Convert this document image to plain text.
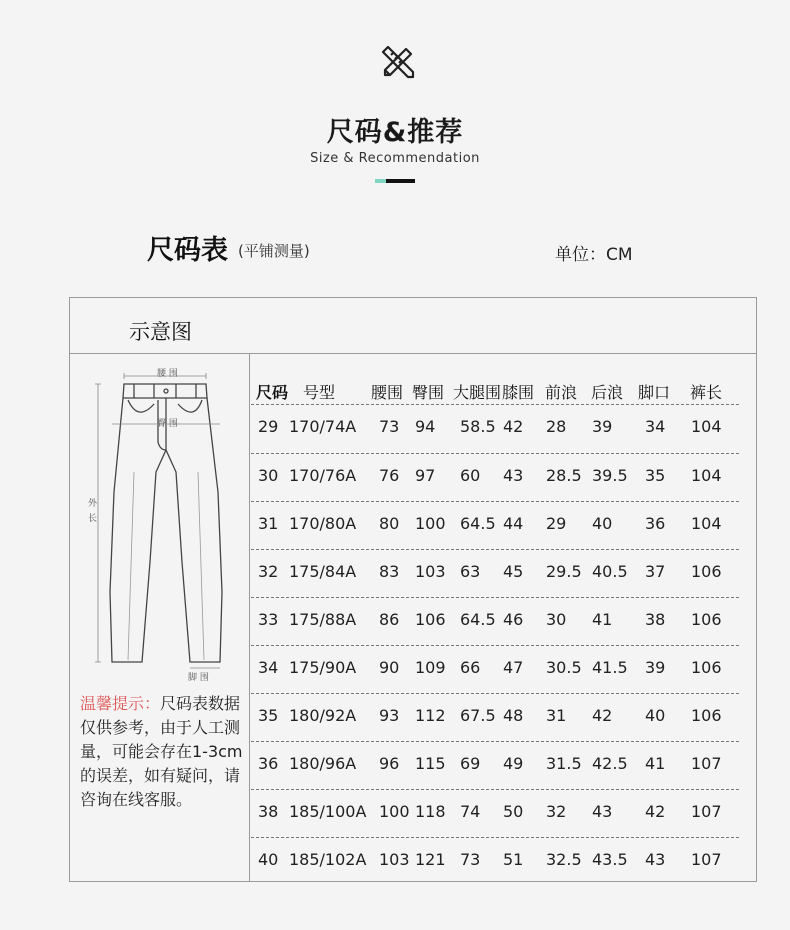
尺码&推荐
Size & Recommendation
尺码表 (平铺测量)	单位：CM
示意图
腰 围
臀 围
外
长
脚 围
温馨提示：尺码表数据仅供参考，由于人工测量，可能会存在1-3cm的误差，如有疑问，请咨询在线客服。
尺码 号型 腰围 臀围 大腿围 膝围 前浪 后浪 脚口 裤长
29 170/74A 73 94 58.5 42 28 39 34 104
30 170/76A 76 97 60 43 28.5 39.5 35 104
31 170/80A 80 100 64.5 44 29 40 36 104
32 175/84A 83 103 63 45 29.5 40.5 37 106
33 175/88A 86 106 64.5 46 30 41 38 106
34 175/90A 90 109 66 47 30.5 41.5 39 106
35 180/92A 93 112 67.5 48 31 42 40 106
36 180/96A 96 115 69 49 31.5 42.5 41 107
38 185/100A 100 118 74 50 32 43 42 107
40 185/102A 103 121 73 51 32.5 43.5 43 107
